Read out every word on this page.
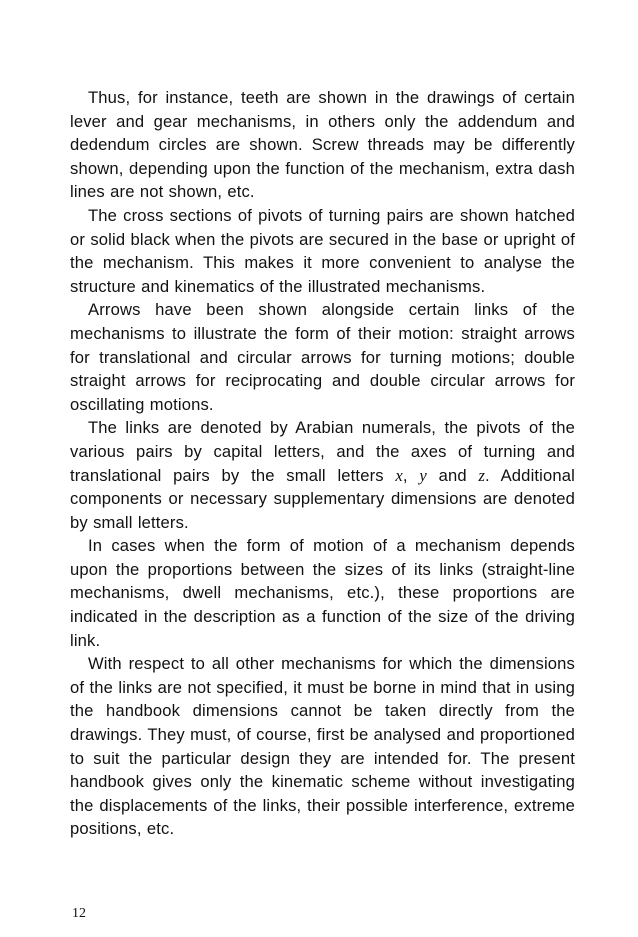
Thus, for instance, teeth are shown in the drawings of certain lever and gear mechanisms, in others only the addendum and dedendum circles are shown. Screw threads may be differently shown, depending upon the function of the mechanism, extra dash lines are not shown, etc.

The cross sections of pivots of turning pairs are shown hatched or solid black when the pivots are secured in the base or upright of the mechanism. This makes it more convenient to analyse the structure and kinematics of the illustrated mechanisms.

Arrows have been shown alongside certain links of the mechanisms to illustrate the form of their motion: straight arrows for translational and circular arrows for turning motions; double straight arrows for reciprocating and double circular arrows for oscillating motions.

The links are denoted by Arabian numerals, the pivots of the various pairs by capital letters, and the axes of turning and translational pairs by the small letters x, y and z. Additional components or necessary supplementary dimensions are denoted by small letters.

In cases when the form of motion of a mechanism depends upon the proportions between the sizes of its links (straight-line mechanisms, dwell mechanisms, etc.), these proportions are indicated in the description as a function of the size of the driving link.

With respect to all other mechanisms for which the dimensions of the links are not specified, it must be borne in mind that in using the handbook dimensions cannot be taken directly from the drawings. They must, of course, first be analysed and proportioned to suit the particular design they are intended for. The present handbook gives only the kinematic scheme without investigating the displacements of the links, their possible interference, extreme positions, etc.

12
